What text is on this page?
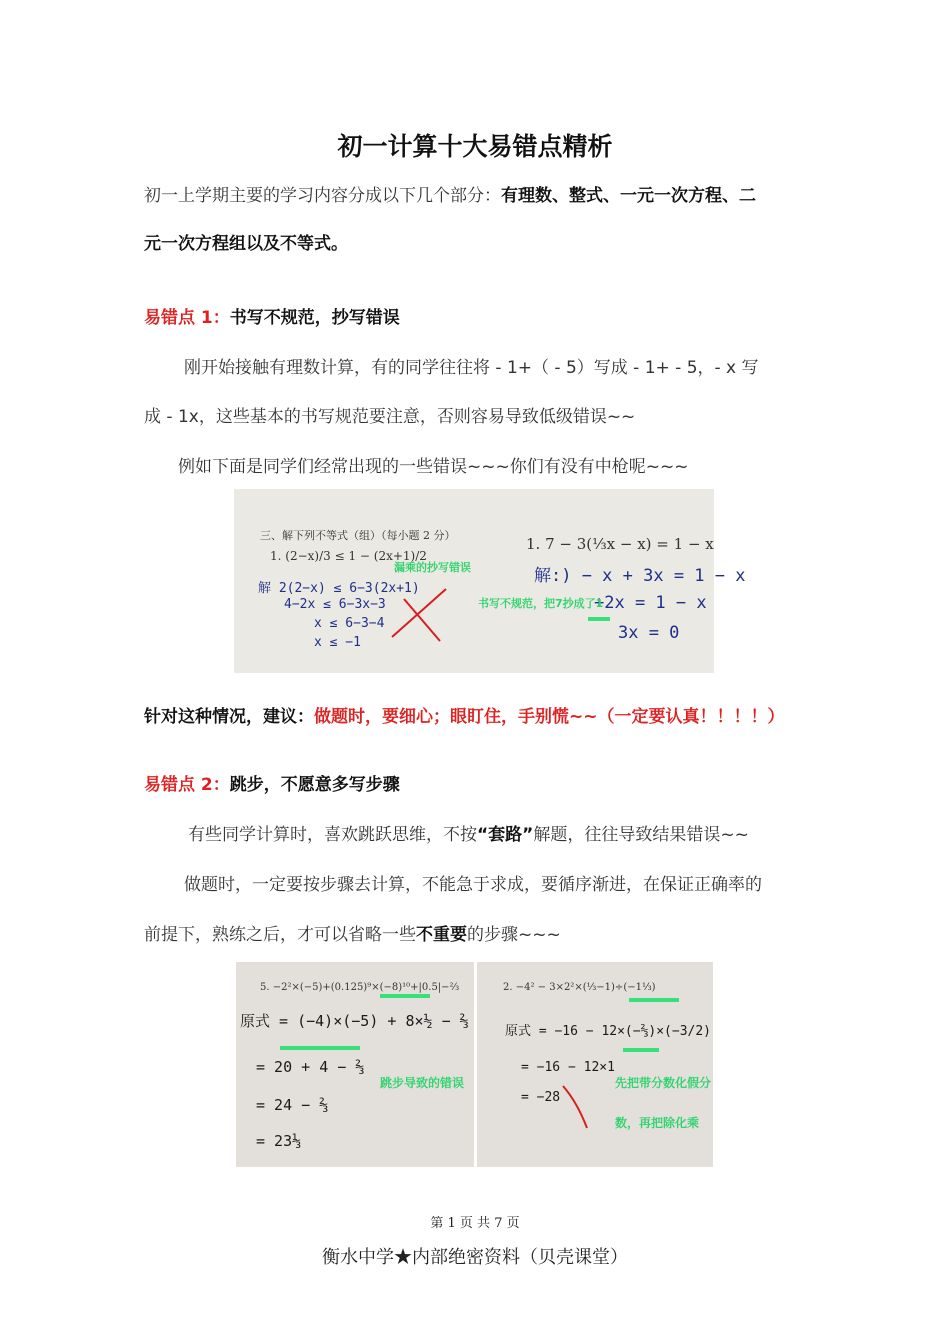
初一计算十大易错点精析
初一上学期主要的学习内容分成以下几个部分：有理数、整式、一元一次方程、二
元一次方程组以及不等式。
易错点 1：书写不规范，抄写错误
刚开始接触有理数计算，有的同学往往将 - 1+（ - 5）写成 - 1+ - 5，- x 写
成 - 1x，这些基本的书写规范要注意，否则容易导致低级错误~~
例如下面是同学们经常出现的一些错误~~~你们有没有中枪呢~~~
三、解下列不等式（组）（每小题 2 分）
1. (2−x)/3 ≤ 1 − (2x+1)/2
1. 7 − 3(⅓x − x) = 1 − x
解 2(2−x) ≤ 6−3(2x+1)
4−2x ≤ 6−3x−3
x ≤ 6−3−4
x ≤ −1
解:) − x + 3x = 1 − x
+2x = 1 − x
3x = 0
漏乘的抄写错误
书写不规范，把7抄成了1
针对这种情况，建议：做题时，要细心；眼盯住，手别慌~~（一定要认真！！！！）
易错点 2：跳步，不愿意多写步骤
有些同学计算时，喜欢跳跃思维，不按“套路”解题，往往导致结果错误~~
做题时，一定要按步骤去计算，不能急于求成，要循序渐进，在保证正确率的
前提下，熟练之后，才可以省略一些不重要的步骤~~~
5. −2²×(−5)+(0.125)⁹×(−8)¹⁰+|0.5|−⅔
原式 = (−4)×(−5) + 8×½ − ⅔
= 20 + 4 − ⅔
= 24 − ⅔
= 23⅓
跳步导致的错误
2. −4² − 3×2²×(⅓−1)÷(−1⅓)
原式 = −16 − 12×(−⅔)×(−3/2)
= −16 − 12×1
= −28
先把带分数化假分
数，再把除化乘
第 1 页 共 7 页
衡水中学★内部绝密资料（贝壳课堂）
